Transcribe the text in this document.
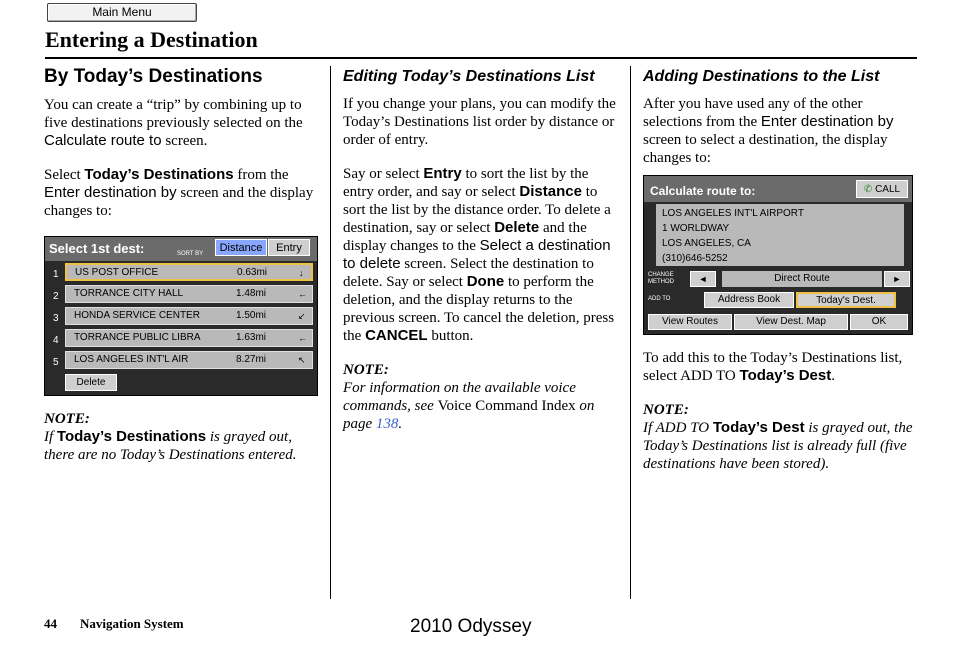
Main Menu
Entering a Destination
By Today’s Destinations

You can create a “trip” by combining up to five destinations previously selected on the Calculate route to screen.

Select Today’s Destinations from the Enter destination by screen and the display changes to:

Select 1st dest:	SORT BY	Distance	Entry
1 US POST OFFICE	0.63mi	↓
2 TORRANCE CITY HALL	1.48mi	←
3 HONDA SERVICE CENTER	1.50mi	↙
4 TORRANCE PUBLIC LIBRA	1.63mi	←
5 LOS ANGELES INT'L AIR	8.27mi	↖
Delete

NOTE:
If Today’s Destinations is grayed out, there are no Today’s Destinations entered.

Editing Today’s Destinations List

If you change your plans, you can modify the Today’s Destinations list order by distance or order of entry.

Say or select Entry to sort the list by the entry order, and say or select Distance to sort the list by the distance order. To delete a destination, say or select Delete and the display changes to the Select a destination to delete screen. Select the destination to delete. Say or select Done to perform the deletion, and the display returns to the previous screen. To cancel the deletion, press the CANCEL button.

NOTE:
For information on the available voice commands, see Voice Command Index on page 138.

Adding Destinations to the List

After you have used any of the other selections from the Enter destination by screen to select a destination, the display changes to:

Calculate route to:	✆ CALL
LOS ANGELES INT'L AIRPORT
1 WORLDWAY
LOS ANGELES, CA
(310)646-5252
CHANGE METHOD	◄	Direct Route	►
ADD TO	Address Book	Today's Dest.
View Routes	View Dest. Map	OK

To add this to the Today’s Destinations list, select ADD TO Today’s Dest.

NOTE:
If ADD TO Today’s Dest is grayed out, the Today’s Destinations list is already full (five destinations have been stored).

44 Navigation System	2010 Odyssey
